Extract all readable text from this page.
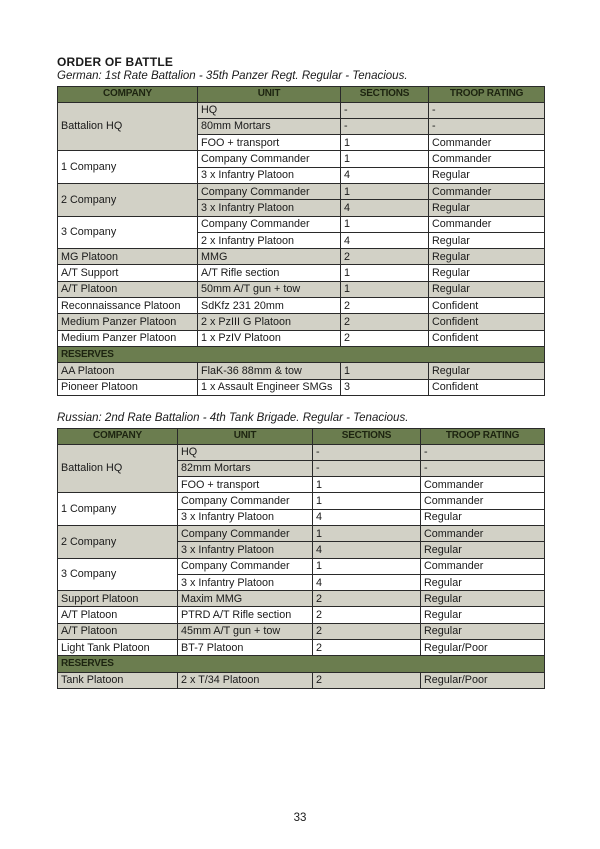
ORDER OF BATTLE
German: 1st Rate Battalion - 35th Panzer Regt. Regular - Tenacious.
COMPANY	UNIT	SECTIONS	TROOP RATING
Battalion HQ	HQ	-	-
	80mm Mortars	-	-
	FOO + transport	1	Commander
1 Company	Company Commander	1	Commander
	3 x Infantry Platoon	4	Regular
2 Company	Company Commander	1	Commander
	3 x Infantry Platoon	4	Regular
3 Company	Company Commander	1	Commander
	2 x Infantry Platoon	4	Regular
MG Platoon	MMG	2	Regular
A/T Support	A/T Rifle section	1	Regular
A/T Platoon	50mm A/T gun + tow	1	Regular
Reconnaissance Platoon	SdKfz 231 20mm	2	Confident
Medium Panzer Platoon	2 x PzIII G Platoon	2	Confident
Medium Panzer Platoon	1 x PzIV Platoon	2	Confident
RESERVES			
AA Platoon	FlaK-36 88mm & tow	1	Regular
Pioneer Platoon	1 x Assault Engineer SMGs	3	Confident
Russian: 2nd Rate Battalion - 4th Tank Brigade. Regular - Tenacious.
COMPANY	UNIT	SECTIONS	TROOP RATING
Battalion HQ	HQ	-	-
	82mm Mortars	-	-
	FOO + transport	1	Commander
1 Company	Company Commander	1	Commander
	3 x Infantry Platoon	4	Regular
2 Company	Company Commander	1	Commander
	3 x Infantry Platoon	4	Regular
3 Company	Company Commander	1	Commander
	3 x Infantry Platoon	4	Regular
Support Platoon	Maxim MMG	2	Regular
A/T Platoon	PTRD A/T Rifle section	2	Regular
A/T Platoon	45mm A/T gun + tow	2	Regular
Light Tank Platoon	BT-7 Platoon	2	Regular/Poor
RESERVES			
Tank Platoon	2 x T/34 Platoon	2	Regular/Poor
33
